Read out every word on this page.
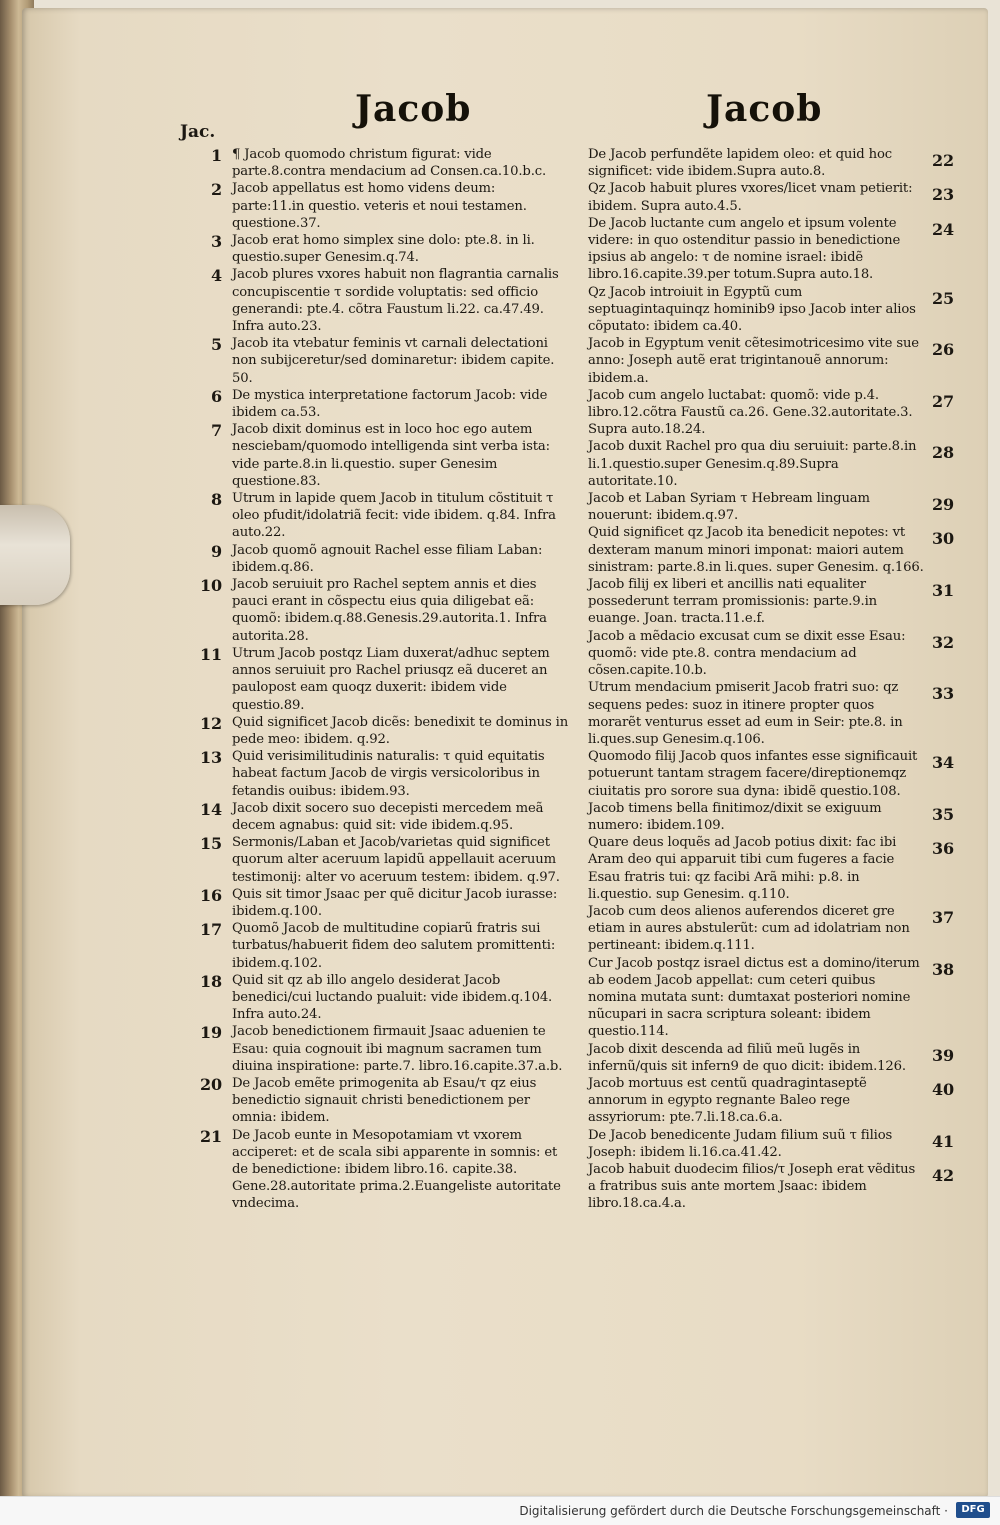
Jacob	Jacob
Jac.
1 ¶ Jacob quomodo christum figurat: vide parte.8.contra mendacium ad Consen.ca.10.b.c.
2 Jacob appellatus est homo videns deum: parte:11.in questio. veteris et noui testamen. questione.37.
3 Jacob erat homo simplex sine dolo: pte.8. in li. questio.super Genesim.q.74.
4 Jacob plures vxores habuit non flagrantia carnalis concupiscentie τ sordide voluptatis: sed officio generandi: pte.4. cõtra Faustum li.22. ca.47.49. Infra auto.23.
5 Jacob ita vtebatur feminis vt carnali delectationi non subijceretur/sed dominaretur: ibidem capite. 50.
6 De mystica interpretatione factorum Jacob: vide ibidem ca.53.
7 Jacob dixit dominus est in loco hoc ego autem nesciebam/quomodo intelligenda sint verba ista: vide parte.8.in li.questio. super Genesim questione.83.
8 Utrum in lapide quem Jacob in titulum cõstituit τ oleo pfudit/idolatriã fecit: vide ibidem. q.84. Infra auto.22.
9 Jacob quomõ agnouit Rachel esse filiam Laban: ibidem.q.86.
10 Jacob seruiuit pro Rachel septem annis et dies pauci erant in cõspectu eius quia diligebat eã: quomõ: ibidem.q.88.Genesis.29.autorita.1. Infra autorita.28.
11 Utrum Jacob postqz Liam duxerat/adhuc septem annos seruiuit pro Rachel priusqz eã duceret an paulopost eam quoqz duxerit: ibidem vide questio.89.
12 Quid significet Jacob dicẽs: benedixit te dominus in pede meo: ibidem. q.92.
13 Quid verisimilitudinis naturalis: τ quid equitatis habeat factum Jacob de virgis versicoloribus in fetandis ouibus: ibidem.93.
14 Jacob dixit socero suo decepisti mercedem meã decem agnabus: quid sit: vide ibidem.q.95.
15 Sermonis/Laban et Jacob/varietas quid significet quorum alter aceruum lapidũ appellauit aceruum testimonij: alter vo aceruum testem: ibidem. q.97.
16 Quis sit timor Jsaac per quẽ dicitur Jacob iurasse: ibidem.q.100.
17 Quomõ Jacob de multitudine copiarũ fratris sui turbatus/habuerit fidem deo salutem promittenti: ibidem.q.102.
18 Quid sit qz ab illo angelo desiderat Jacob benedici/cui luctando pualuit: vide ibidem.q.104. Infra auto.24.
19 Jacob benedictionem firmauit Jsaac aduenien te Esau: quia cognouit ibi magnum sacramen tum diuina inspiratione: parte.7. libro.16.capite.37.a.b.
20 De Jacob emẽte primogenita ab Esau/τ qz eius benedictio signauit christi benedictionem per omnia: ibidem.
21 De Jacob eunte in Mesopotamiam vt vxorem acciperet: et de scala sibi apparente in somnis: et de benedictione: ibidem libro.16. capite.38. Gene.28.autoritate prima.2.Euangeliste autoritate vndecima.
22
De Jacob perfundẽte lapidem oleo: et quid hoc significet: vide ibidem.Supra auto.8.
23
Qz Jacob habuit plures vxores/licet vnam petierit: ibidem. Supra auto.4.5.
24
De Jacob luctante cum angelo et ipsum volente videre: in quo ostenditur passio in benedictione ipsius ab angelo: τ de nomine israel: ibidẽ libro.16.capite.39.per totum.Supra auto.18.
25
Qz Jacob introiuit in Egyptũ cum septuagintaquinqz hominib9 ipso Jacob inter alios cõputato: ibidem ca.40.
26
Jacob in Egyptum venit cẽtesimotricesimo vite sue anno: Joseph autẽ erat trigintanouẽ annorum: ibidem.a.
27
Jacob cum angelo luctabat: quomõ: vide p.4. libro.12.cõtra Faustũ ca.26. Gene.32.autoritate.3. Supra auto.18.24.
28
Jacob duxit Rachel pro qua diu seruiuit: parte.8.in li.1.questio.super Genesim.q.89.Supra autoritate.10.
29
Jacob et Laban Syriam τ Hebream linguam nouerunt: ibidem.q.97.
30
Quid significet qz Jacob ita benedicit nepotes: vt dexteram manum minori imponat: maiori autem sinistram: parte.8.in li.ques. super Genesim. q.166.
31
Jacob filij ex liberi et ancillis nati equaliter possederunt terram promissionis: parte.9.in euange. Joan. tracta.11.e.f.
32
Jacob a mẽdacio excusat cum se dixit esse Esau: quomõ: vide pte.8. contra mendacium ad cõsen.capite.10.b.
33
Utrum mendacium pmiserit Jacob fratri suo: qz sequens pedes: suoz in itinere propter quos morarẽt venturus esset ad eum in Seir: pte.8. in li.ques.sup Genesim.q.106.
34
Quomodo filij Jacob quos infantes esse significauit potuerunt tantam stragem facere/direptionemqz ciuitatis pro sorore sua dyna: ibidẽ questio.108.
35
Jacob timens bella finitimoz/dixit se exiguum numero: ibidem.109.
36
Quare deus loquẽs ad Jacob potius dixit: fac ibi Aram deo qui apparuit tibi cum fugeres a facie Esau fratris tui: qz facibi Arã mihi: p.8. in li.questio. sup Genesim. q.110.
37
Jacob cum deos alienos auferendos diceret gre etiam in aures abstulerũt: cum ad idolatriam non pertineant: ibidem.q.111.
38
Cur Jacob postqz israel dictus est a domino/iterum ab eodem Jacob appellat: cum ceteri quibus nomina mutata sunt: dumtaxat posteriori nomine nũcupari in sacra scriptura soleant: ibidem questio.114.
39
Jacob dixit descenda ad filiũ meũ lugẽs in infernũ/quis sit infern9 de quo dicit: ibidem.126.
40
Jacob mortuus est centũ quadragintaseptẽ annorum in egypto regnante Baleo rege assyriorum: pte.7.li.18.ca.6.a.
41
De Jacob benedicente Judam filium suũ τ filios Joseph: ibidem li.16.ca.41.42.
42
Jacob habuit duodecim filios/τ Joseph erat vẽditus a fratribus suis ante mortem Jsaac: ibidem libro.18.ca.4.a.
Digitalisierung gefördert durch die Deutsche Forschungsgemeinschaft ·	DFG
